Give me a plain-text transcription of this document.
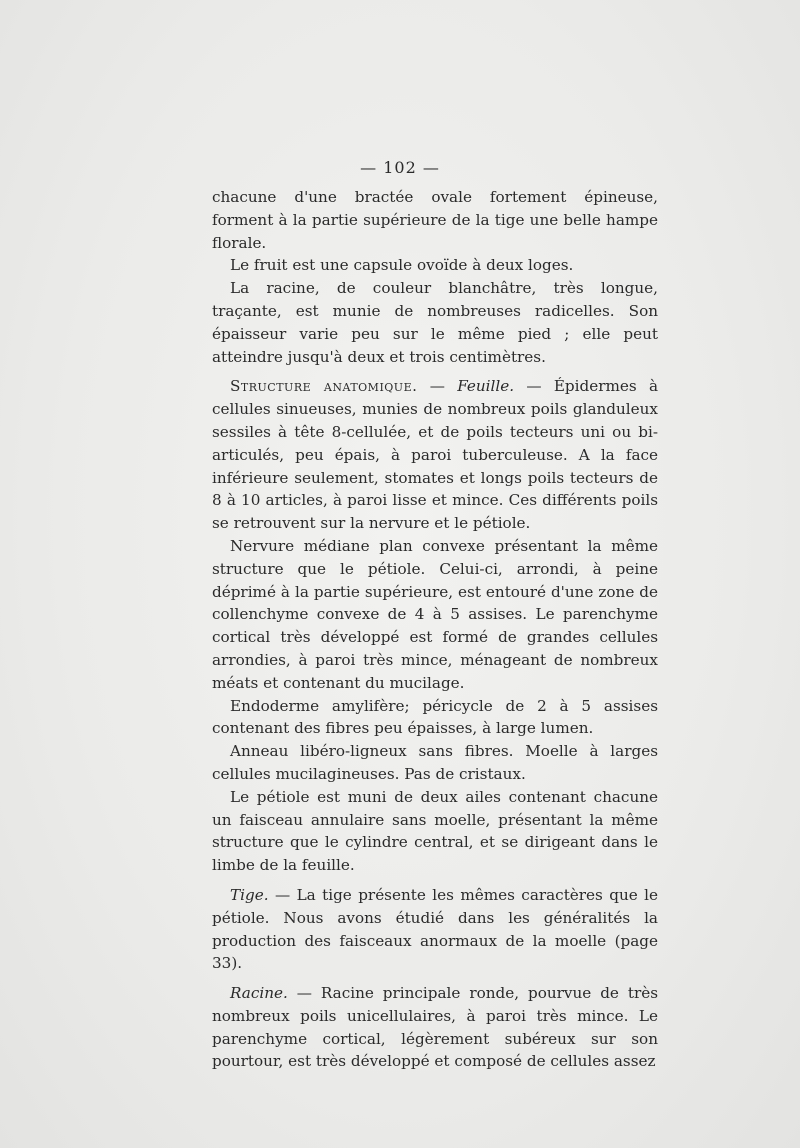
— 102 —

chacune d'une bractée ovale fortement épineuse, forment à la partie supérieure de la tige une belle hampe florale.

Le fruit est une capsule ovoïde à deux loges.

La racine, de couleur blanchâtre, très longue, traçante, est munie de nombreuses radicelles. Son épaisseur varie peu sur le même pied ; elle peut atteindre jusqu'à deux et trois centimètres.

Structure anatomique. — Feuille. — Épidermes à cellules sinueuses, munies de nombreux poils glanduleux sessiles à tête 8-cellulée, et de poils tecteurs uni ou bi-articulés, peu épais, à paroi tuberculeuse. A la face inférieure seulement, stomates et longs poils tecteurs de 8 à 10 articles, à paroi lisse et mince. Ces différents poils se retrouvent sur la nervure et le pétiole.

Nervure médiane plan convexe présentant la même structure que le pétiole. Celui-ci, arrondi, à peine déprimé à la partie supérieure, est entouré d'une zone de collenchyme convexe de 4 à 5 assises. Le parenchyme cortical très développé est formé de grandes cellules arrondies, à paroi très mince, ménageant de nombreux méats et contenant du mucilage.

Endoderme amylifère; péricycle de 2 à 5 assises contenant des fibres peu épaisses, à large lumen.

Anneau libéro-ligneux sans fibres. Moelle à larges cellules mucilagineuses. Pas de cristaux.

Le pétiole est muni de deux ailes contenant chacune un faisceau annulaire sans moelle, présentant la même structure que le cylindre central, et se dirigeant dans le limbe de la feuille.

Tige. — La tige présente les mêmes caractères que le pétiole. Nous avons étudié dans les généralités la production des faisceaux anormaux de la moelle (page 33).

Racine. — Racine principale ronde, pourvue de très nombreux poils unicellulaires, à paroi très mince. Le parenchyme cortical, légèrement subéreux sur son pourtour, est très développé et composé de cellules assez
